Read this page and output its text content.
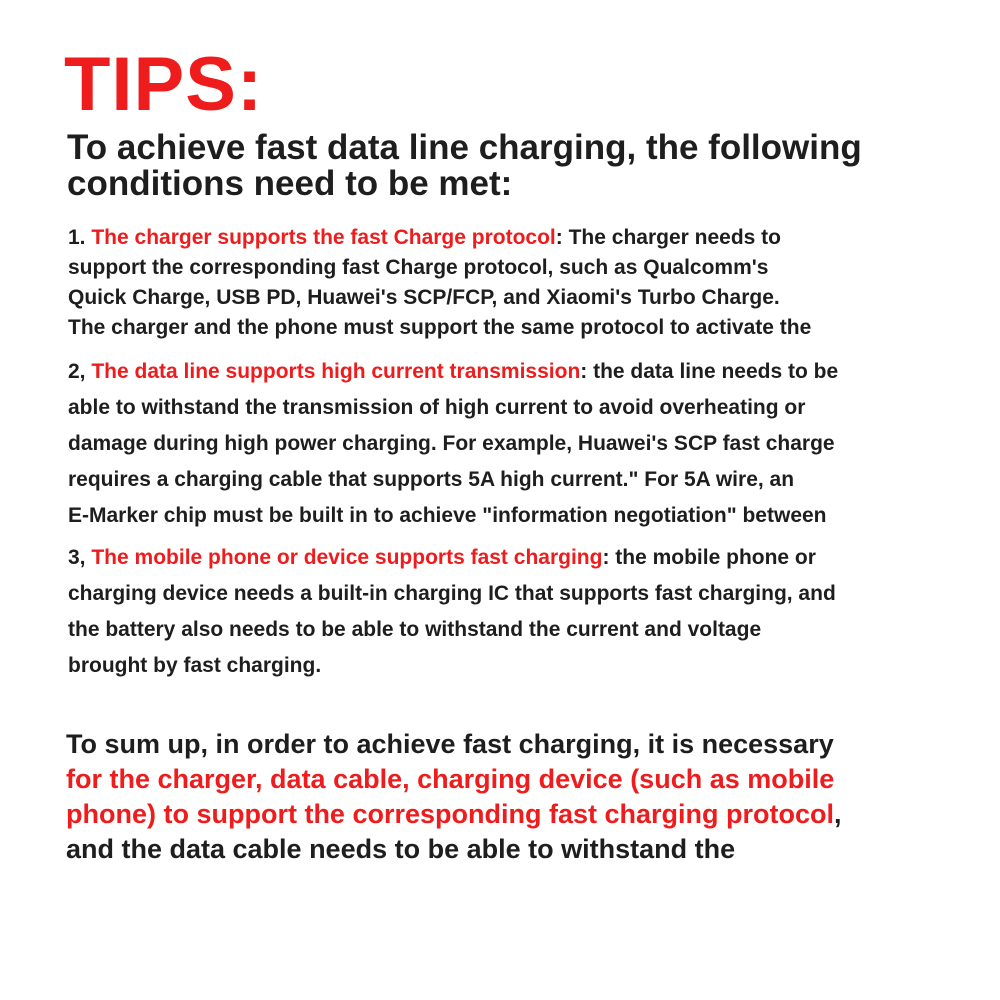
TIPS:
To achieve fast data line charging, the following
conditions need to be met:
1. The charger supports the fast Charge protocol: The charger needs to
support the corresponding fast Charge protocol, such as Qualcomm's
Quick Charge, USB PD, Huawei's SCP/FCP, and Xiaomi's Turbo Charge.
The charger and the phone must support the same protocol to activate the
2, The data line supports high current transmission: the data line needs to be
able to withstand the transmission of high current to avoid overheating or
damage during high power charging. For example, Huawei's SCP fast charge
requires a charging cable that supports 5A high current." For 5A wire, an
E-Marker chip must be built in to achieve "information negotiation" between
3, The mobile phone or device supports fast charging: the mobile phone or
charging device needs a built-in charging IC that supports fast charging, and
the battery also needs to be able to withstand the current and voltage
brought by fast charging.
To sum up, in order to achieve fast charging, it is necessary
for the charger, data cable, charging device (such as mobile
phone) to support the corresponding fast charging protocol,
and the data cable needs to be able to withstand the
